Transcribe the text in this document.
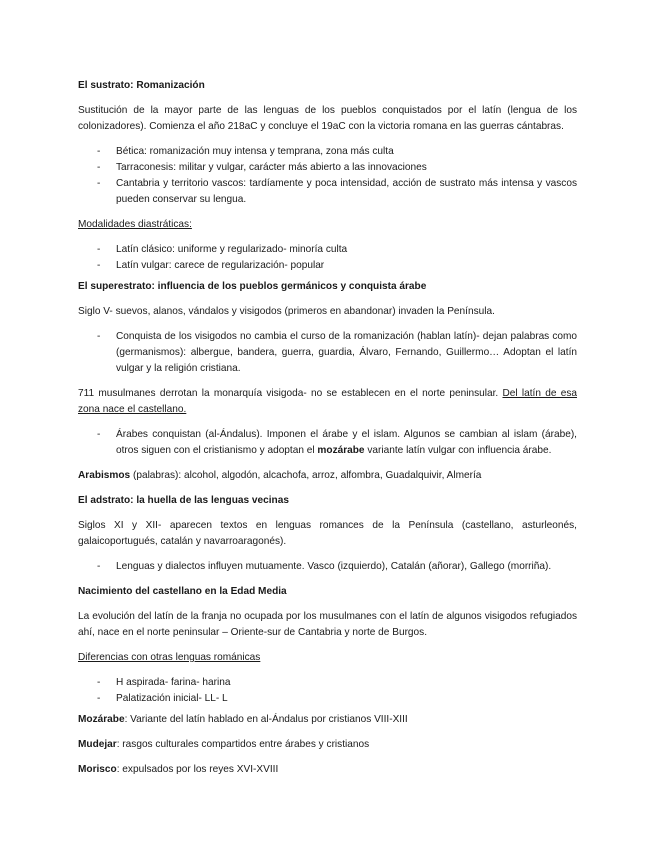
El sustrato: Romanización

Sustitución de la mayor parte de las lenguas de los pueblos conquistados por el latín (lengua de los colonizadores). Comienza el año 218aC y concluye el 19aC con la victoria romana en las guerras cántabras.

- Bética: romanización muy intensa y temprana, zona más culta
- Tarraconesis: militar y vulgar, carácter más abierto a las innovaciones
- Cantabria y territorio vascos: tardíamente y poca intensidad, acción de sustrato más intensa y vascos pueden conservar su lengua.

Modalidades diastráticas:

- Latín clásico: uniforme y regularizado- minoría culta
- Latín vulgar: carece de regularización- popular

El superestrato: influencia de los pueblos germánicos y conquista árabe

Siglo V- suevos, alanos, vándalos y visigodos (primeros en abandonar) invaden la Península.

- Conquista de los visigodos no cambia el curso de la romanización (hablan latín)- dejan palabras como (germanismos): albergue, bandera, guerra, guardia, Álvaro, Fernando, Guillermo… Adoptan el latín vulgar y la religión cristiana.

711 musulmanes derrotan la monarquía visigoda- no se establecen en el norte peninsular. Del latín de esa zona nace el castellano.

- Árabes conquistan (al-Ándalus). Imponen el árabe y el islam. Algunos se cambian al islam (árabe), otros siguen con el cristianismo y adoptan el mozárabe variante latín vulgar con influencia árabe.

Arabismos (palabras): alcohol, algodón, alcachofa, arroz, alfombra, Guadalquivir, Almería

El adstrato: la huella de las lenguas vecinas

Siglos XI y XII- aparecen textos en lenguas romances de la Península (castellano, asturleonés, galaicoportugués, catalán y navarroaragonés).

- Lenguas y dialectos influyen mutuamente. Vasco (izquierdo), Catalán (añorar), Gallego (morriña).

Nacimiento del castellano en la Edad Media

La evolución del latín de la franja no ocupada por los musulmanes con el latín de algunos visigodos refugiados ahí, nace en el norte peninsular – Oriente-sur de Cantabria y norte de Burgos.

Diferencias con otras lenguas románicas

- H aspirada- farina- harina
- Palatización inicial- LL- L

Mozárabe: Variante del latín hablado en al-Ándalus por cristianos VIII-XIII

Mudejar: rasgos culturales compartidos entre árabes y cristianos

Morisco: expulsados por los reyes XVI-XVIII
